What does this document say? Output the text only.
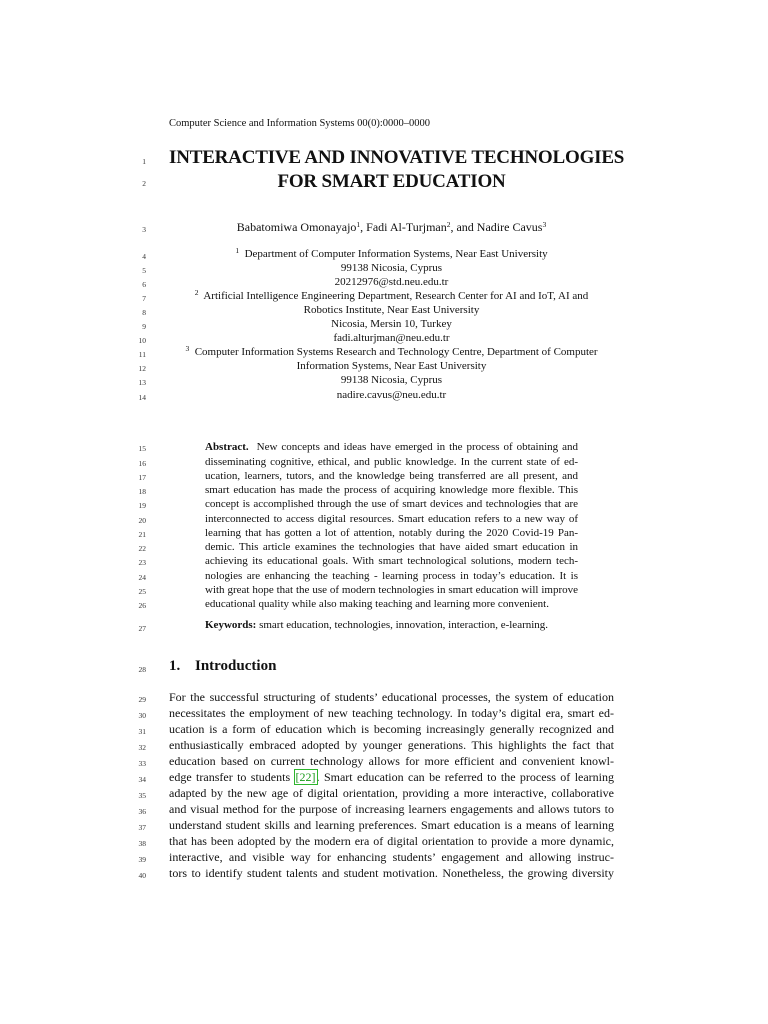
Computer Science and Information Systems 00(0):0000–0000
1
2
3
4
5
6
7
8
9
10
11
12
13
14
15
16
17
18
19
20
21
22
23
24
25
26
27
28
29
30
31
32
33
34
35
36
37
38
39
40
INTERACTIVE AND INNOVATIVE TECHNOLOGIES
FOR SMART EDUCATION
Babatomiwa Omonayajo$^1$, Fadi Al-Turjman$^2$, and Nadire Cavus$^3$
$^1$ Department of Computer Information Systems, Near East University
99138 Nicosia, Cyprus
20212976@std.neu.edu.tr
$^2$ Artificial Intelligence Engineering Department, Research Center for AI and IoT, AI and
Robotics Institute, Near East University
Nicosia, Mersin 10, Turkey
fadi.alturjman@neu.edu.tr
$^3$ Computer Information Systems Research and Technology Centre, Department of Computer
Information Systems, Near East University
99138 Nicosia, Cyprus
nadire.cavus@neu.edu.tr
Abstract. New concepts and ideas have emerged in the process of obtaining and
disseminating cognitive, ethical, and public knowledge. In the current state of ed-
ucation, learners, tutors, and the knowledge being transferred are all present, and
smart education has made the process of acquiring knowledge more flexible. This
concept is accomplished through the use of smart devices and technologies that are
interconnected to access digital resources. Smart education refers to a new way of
learning that has gotten a lot of attention, notably during the 2020 Covid-19 Pan-
demic. This article examines the technologies that have aided smart education in
achieving its educational goals. With smart technological solutions, modern tech-
nologies are enhancing the teaching - learning process in today’s education. It is
with great hope that the use of modern technologies in smart education will improve
educational quality while also making teaching and learning more convenient.
Keywords: smart education, technologies, innovation, interaction, e-learning.
1. Introduction
For the successful structuring of students’ educational processes, the system of education
necessitates the employment of new teaching technology. In today’s digital era, smart ed-
ucation is a form of education which is becoming increasingly generally recognized and
enthusiastically embraced adopted by younger generations. This highlights the fact that
education based on current technology allows for more efficient and convenient knowl-
edge transfer to students [22]. Smart education can be referred to the process of learning
adapted by the new age of digital orientation, providing a more interactive, collaborative
and visual method for the purpose of increasing learners engagements and allows tutors to
understand student skills and learning preferences. Smart education is a means of learning
that has been adopted by the modern era of digital orientation to provide a more dynamic,
interactive, and visible way for enhancing students’ engagement and allowing instruc-
tors to identify student talents and student motivation. Nonetheless, the growing diversity
